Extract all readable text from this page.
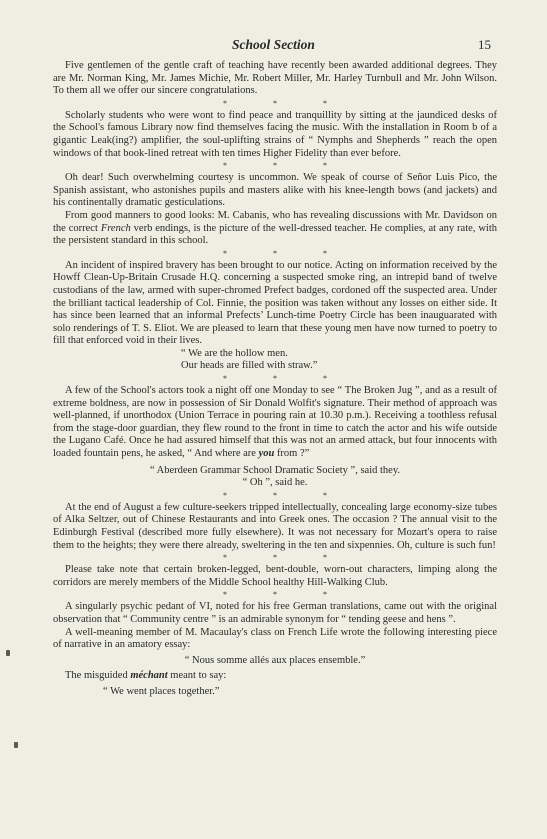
School Section	15

Five gentlemen of the gentle craft of teaching have recently been awarded additional degrees. They are Mr. Norman King, Mr. James Michie, Mr. Robert Miller, Mr. Harley Turnbull and Mr. John Wilson. To them all we offer our sincere congratulations.

* * *

Scholarly students who were wont to find peace and tranquillity by sitting at the jaundiced desks of the School's famous Library now find themselves facing the music. With the installation in Room b of a gigantic Leak(ing?) amplifier, the soul-uplifting strains of “ Nymphs and Shepherds ” reach the open windows of that book-lined retreat with ten times Higher Fidelity than ever before.

* * *

Oh dear! Such overwhelming courtesy is uncommon. We speak of course of Señor Luis Pico, the Spanish assistant, who astonishes pupils and masters alike with his knee-length bows (and jackets) and his continentally dramatic gesticulations.

From good manners to good looks: M. Cabanis, who has revealing discussions with Mr. Davidson on the correct French verb endings, is the picture of the well-dressed teacher. He complies, at any rate, with the persistent standard in this school.

* * *

An incident of inspired bravery has been brought to our notice. Acting on information received by the Howff Clean-Up-Britain Crusade H.Q. concerning a suspected smoke ring, an intrepid band of twelve custodians of the law, armed with super-chromed Prefect badges, cordoned off the suspected area. Under the brilliant tactical leadership of Col. Finnie, the position was taken without any losses on either side. It has since been learned that an informal Prefects’ Lunch-time Poetry Circle has been inauguarated with solo renderings of T. S. Eliot. We are pleased to learn that these young men have now turned to poetry to fill that enforced void in their lives.

“ We are the hollow men.

Our heads are filled with straw.”

* * *

A few of the School's actors took a night off one Monday to see “ The Broken Jug ”, and as a result of extreme boldness, are now in possession of Sir Donald Wolfit's signature. Their method of approach was well-planned, if unorthodox (Union Terrace in pouring rain at 10.30 p.m.). Receiving a toothless refusal from the stage-door guardian, they flew round to the front in time to catch the actor and his wife outside the Lugano Café. Once he had assured himself that this was not an armed attack, but four innocents with loaded fountain pens, he asked, “ And where are you from ?”

“ Aberdeen Grammar School Dramatic Society ”, said they.

“ Oh ”, said he.

* * *

At the end of August a few culture-seekers tripped intellectually, concealing large economy-size tubes of Alka Seltzer, out of Chinese Restaurants and into Greek ones. The occasion ? The annual visit to the Edinburgh Festival (described more fully elsewhere). It was not necessary for Mozart's opera to raise them to the heights; they were there already, sweltering in the ten and sixpennies. Oh, culture is such fun!

* * *

Please take note that certain broken-legged, bent-double, worn-out characters, limping along the corridors are merely members of the Middle School healthy Hill-Walking Club.

* * *

A singularly psychic pedant of VI, noted for his free German translations, came out with the original observation that “ Community centre ” is an admirable synonym for “ tending geese and hens ”.

A well-meaning member of M. Macaulay's class on French Life wrote the following interesting piece of narrative in an amatory essay:

“ Nous somme allés aux places ensemble.”

The misguided méchant meant to say:

“ We went places together.”
